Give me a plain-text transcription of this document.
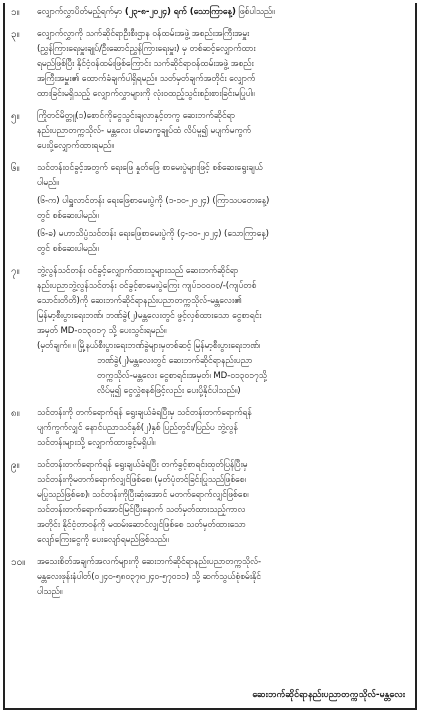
၁။	လျှောက်လွှာပိတ်မည့်ရက်မှာ (၂၃-၈-၂၀၂၄) ရက် (သောကြာနေ့) ဖြစ်ပါသည်။
၃။	လျှောက်လွှာကို သက်ဆိုင်ရာဦးစီးဌာန ဝန်ထမ်းအဖွဲ့ အစည်းအကြီးအမှူး
(ညွှန်ကြားရေးမှူးချုပ်/ဦးဆောင်ညွှန်ကြားရေးမှူး) မှ တစ်ဆင့်လျှောက်ထား
ရမည်ဖြစ်ပြီး နိုင်ငံ့ဝန်ထမ်းဖြစ်ကြောင်း သက်ဆိုင်ရာဝန်ထမ်းအဖွဲ့ အစည်း
အကြီးအမှူး၏ ထောက်ခံချက်ပါရှိရမည်။ သတ်မှတ်ချက်အတိုင်း လျှောက်
ထားခြင်းမရှိသည့် လျှောက်လွှာများကို လုံးဝထည့်သွင်းစဉ်းစားခြင်းမပြုပါ။
၅။	ကြိုတင်မိတ္တူ(၁)စောင်ကိုငွေသွင်းချလာနှင့်တကွ ဆေးဘက်ဆိုင်ရာ
နည်းပညာတက္ကသိုလ်- မန္တလေး ပါမောက္ခချုပ်ထံ လိပ်မူ၍ မပျက်မကွက်
ပေးပို့လျှောက်ထားရမည်။
၆။	သင်တန်းဝင်ခွင့်အတွက် ရေးဖြေ နှုတ်ဖြေ စာမေးပွဲများဖြင့် စစ်ဆေးရွေးချယ်
ပါမည်။
(၆-က) ပါရှူလာင်တန်း ရေးဖြေစာမေးပွဲကို (၁-၁၀-၂၀၂၄) (ကြာသပတေးနေ့)
တွင် စစ်ဆေးပါမည်။
(၆-ခ) မဟာသိပ္ပံသင်တန်း ရေးဖြေစာမေးပွဲကို (၄-၁၀-၂၀၂၄) (သောကြာနေ့)
တွင် စစ်ဆေးပါမည်။
၇။	ဘွဲ့လွန်သင်တန်း ဝင်ခွင့်လျှောက်ထားသူများသည် ဆေးဘက်ဆိုင်ရာ
နည်းပညာဘွဲ့လွန်သင်တန်း ဝင်ခွင့်စာမေးပွဲကြေး ကျပ်၁၀၀၀၀/-(ကျပ်တစ်
သောင်းတိတိ)ကို ဆေးဘက်ဆိုင်ရာနည်းပညာတက္ကသိုလ်-မန္တလေး၏
မြန်မာ့စီးပွားရေးဘဏ်၊ ဘဏ်ခွဲ(၂)မန္တလေးတွင် ဖွင့်လှစ်ထားသော ငွေစာရင်း
အမှတ် MD-၀၁၃၀၁၇ သို့ ပေးသွင်းရမည်။
(မှတ်ချက်။ ။ မြို့နယ်စီးပွားရေးဘဏ်ခွဲများမှတစ်ဆင့် မြန်မာ့စီးပွားရေးဘဏ်၊
ဘဏ်ခွဲ(၂)မန္တလေးတွင် ဆေးဘက်ဆိုင်ရာနည်းပညာ
တက္ကသိုလ်-မန္တလေး ငွေစာရင်းအမှတ်၊ MD-၀၁၃၀၁၇သို့
လိပ်မူ၍ ငွေလွှဲစနစ်ဖြင့်လည်း ပေးပို့နိုင်ပါသည်။)
၈။	သင်တန်းကို တက်ရောက်ရန် ရွေးချယ်ခံရပြီးမှ သင်တန်းတက်ရောက်ရန်
ပျက်ကွက်လျှင် နောင်ပညာသင်နှစ်(၂)နှစ် ပြည်တွင်း/ပြည်ပ ဘွဲ့လွန်
သင်တန်းများသို့ လျှောက်ထားခွင့်မရှိပါ။
၉။	သင်တန်းတက်ရောက်ရန် ရွေးချယ်ခံရပြီး တက်ခွင့်စာရင်းထုတ်ပြန်ပြီးမှ
သင်တန်းကိုမတက်ရောက်လျှင်ဖြစ်စေ၊ (မှတ်ပုံတင်ခြင်းပြုသည်ဖြစ်စေ၊
မပြုသည်ဖြစ်စေ)၊ သင်တန်းကိုပြီးဆုံးအောင် မတက်ရောက်လျှင်ဖြစ်စေ၊
သင်တန်းတက်ရောက်အောင်မြင်ပြီးနောက် သတ်မှတ်ထားသည့်ကာလ
အတိုင်း နိုင်ငံ့တာဝန်ကို မထမ်းဆောင်လျှင်ဖြစ်စေ သတ်မှတ်ထားသော
လျော်ကြေးငွေကို ပေးလျော်ရမည်ဖြစ်သည်။
၁၀။	အသေးစိတ်အချက်အလက်များကို ဆေးဘက်ဆိုင်ရာနည်းပညာတက္ကသိုလ်-
မန္တလေးဖုန်းနံပါတ်(၀၂၄၀-၅၈၀၃၇၊၀၂၄၀-၅၇၀၁၁) သို့ ဆက်သွယ်စုံစမ်းနိုင်
ပါသည်။
ဆေးဘက်ဆိုင်ရာနည်းပညာတက္ကသိုလ်-မန္တလေး
